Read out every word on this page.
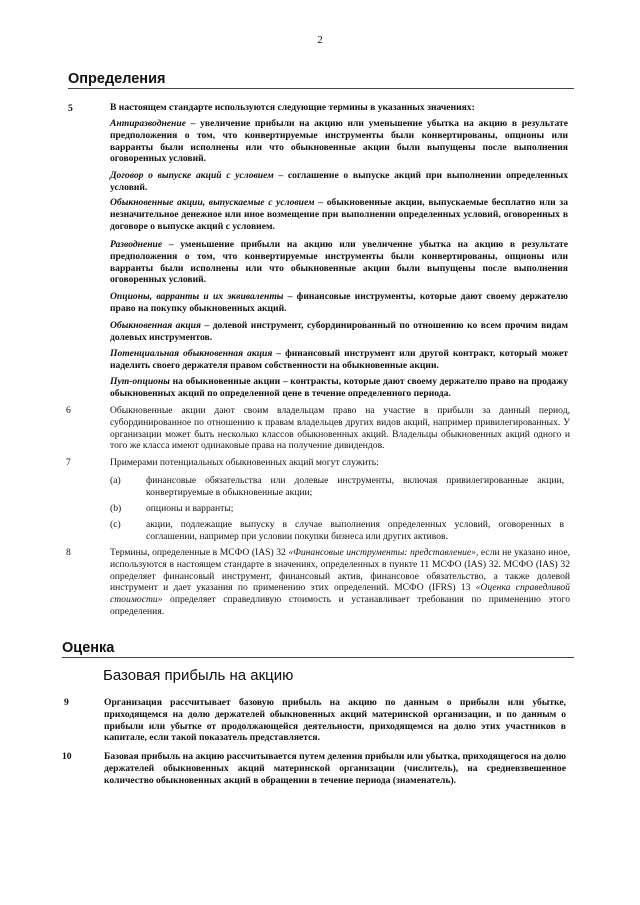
2
Определения
5	В настоящем стандарте используются следующие термины в указанных значениях:
Антиразводнение – увеличение прибыли на акцию или уменьшение убытка на акцию в результате предположения о том, что конвертируемые инструменты были конвертированы, опционы или варранты были исполнены или что обыкновенные акции были выпущены после выполнения оговоренных условий.
Договор о выпуске акций с условием – соглашение о выпуске акций при выполнении определенных условий.
Обыкновенные акции, выпускаемые с условием – обыкновенные акции, выпускаемые бесплатно или за незначительное денежное или иное возмещение при выполнении определенных условий, оговоренных в договоре о выпуске акций с условием.
Разводнение – уменьшение прибыли на акцию или увеличение убытка на акцию в результате предположения о том, что конвертируемые инструменты были конвертированы, опционы или варранты были исполнены или что обыкновенные акции были выпущены после выполнения оговоренных условий.
Опционы, варранты и их эквиваленты – финансовые инструменты, которые дают своему держателю право на покупку обыкновенных акций.
Обыкновенная акция – долевой инструмент, субординированный по отношению ко всем прочим видам долевых инструментов.
Потенциальная обыкновенная акция – финансовый инструмент или другой контракт, который может наделить своего держателя правом собственности на обыкновенные акции.
Пут-опционы на обыкновенные акции – контракты, которые дают своему держателю право на продажу обыкновенных акций по определенной цене в течение определенного периода.
6	Обыкновенные акции дают своим владельцам право на участие в прибыли за данный период, субординированное по отношению к правам владельцев других видов акций, например привилегированных. У организации может быть несколько классов обыкновенных акций. Владельцы обыкновенных акций одного и того же класса имеют одинаковые права на получение дивидендов.
7	Примерами потенциальных обыкновенных акций могут служить:
(a)	финансовые обязательства или долевые инструменты, включая привилегированные акции, конвертируемые в обыкновенные акции;
(b)	опционы и варранты;
(c)	акции, подлежащие выпуску в случае выполнения определенных условий, оговоренных в соглашении, например при условии покупки бизнеса или других активов.
8	Термины, определенные в МСФО (IAS) 32 «Финансовые инструменты: представление», если не указано иное, используются в настоящем стандарте в значениях, определенных в пункте 11 МСФО (IAS) 32. МСФО (IAS) 32 определяет финансовый инструмент, финансовый актив, финансовое обязательство, а также долевой инструмент и дает указания по применению этих определений. МСФО (IFRS) 13 «Оценка справедливой стоимости» определяет справедливую стоимость и устанавливает требования по применению этого определения.
Оценка
Базовая прибыль на акцию
9	Организация рассчитывает базовую прибыль на акцию по данным о прибыли или убытке, приходящемся на долю держателей обыкновенных акций материнской организации, и по данным о прибыли или убытке от продолжающейся деятельности, приходящемся на долю этих участников в капитале, если такой показатель представляется.
10	Базовая прибыль на акцию рассчитывается путем деления прибыли или убытка, приходящегося на долю держателей обыкновенных акций материнской организации (числитель), на средневзвешенное количество обыкновенных акций в обращении в течение периода (знаменатель).
